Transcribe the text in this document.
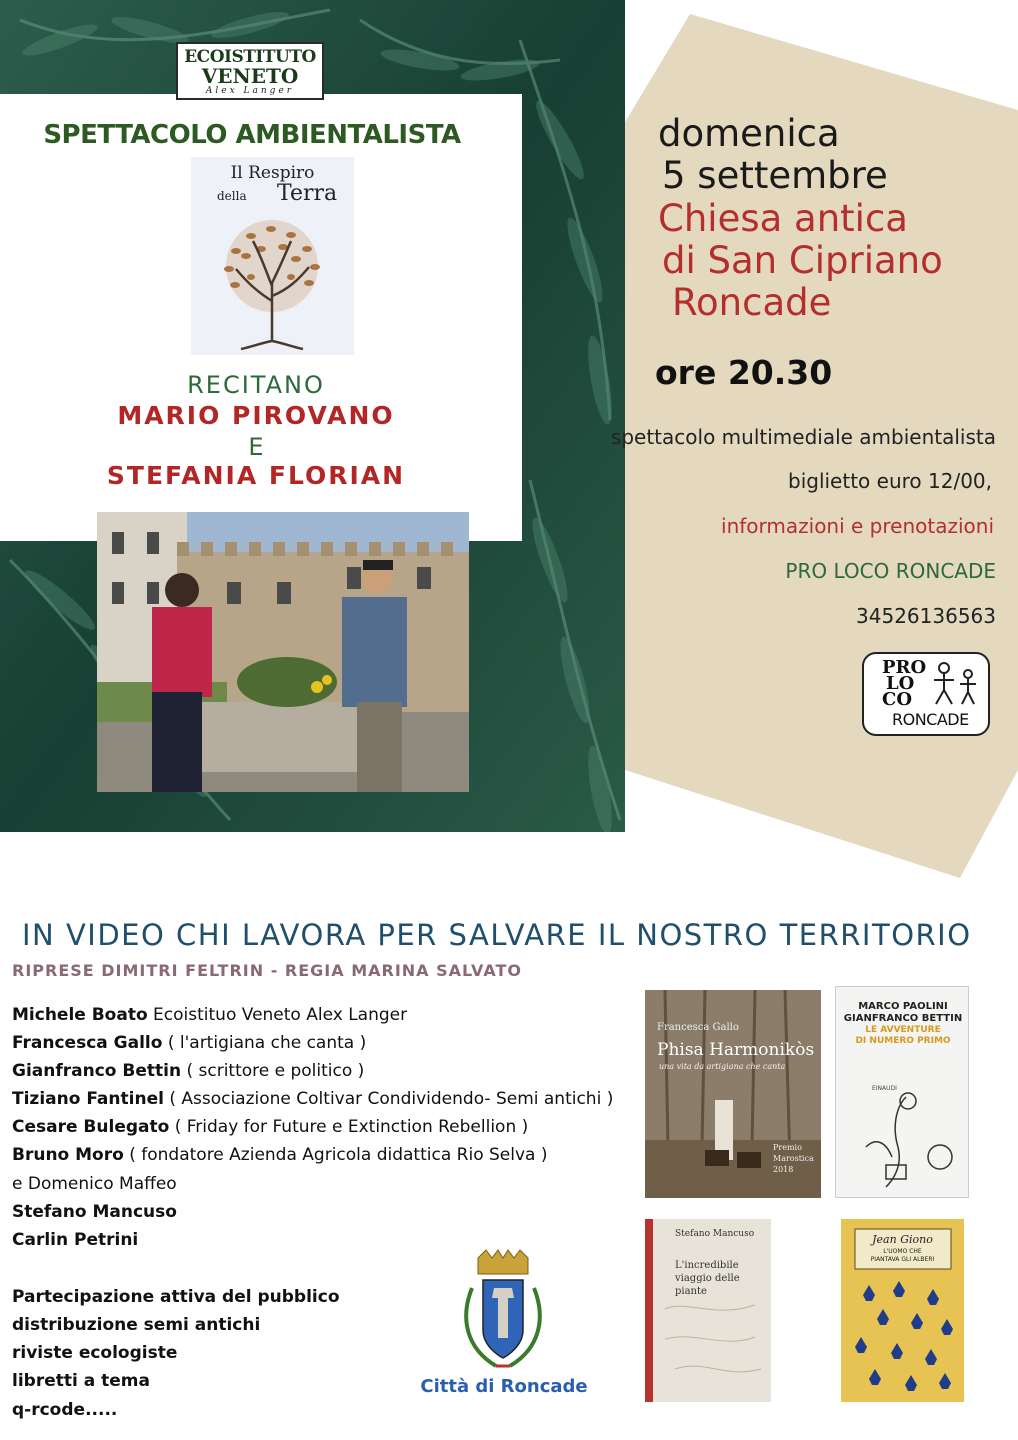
ECOISTITUTO
VENETO
Alex Langer
SPETTACOLO AMBIENTALISTA
Il Respiro
della Terra
RECITANO
MARIO PIROVANO
E
STEFANIA FLORIAN
domenica
5 settembre
Chiesa antica
di San Cipriano
Roncade
ore 20.30
spettacolo multimediale ambientalista
biglietto euro 12/00,
informazioni e prenotazioni
PRO LOCO RONCADE
34526136563
PRO
LO
CO
RONCADE
IN VIDEO CHI LAVORA PER SALVARE IL NOSTRO TERRITORIO
RIPRESE DIMITRI FELTRIN - REGIA MARINA SALVATO
Michele Boato Ecoistituo Veneto Alex Langer
Francesca Gallo ( l'artigiana che canta )
Gianfranco Bettin ( scrittore e politico )
Tiziano Fantinel ( Associazione Coltivar Condividendo- Semi antichi )
Cesare Bulegato ( Friday for Future e Extinction Rebellion )
Bruno Moro ( fondatore Azienda Agricola didattica Rio Selva )
e Domenico Maffeo
Stefano Mancuso
Carlin Petrini
Partecipazione attiva del pubblico
distribuzione semi antichi
riviste ecologiste
libretti a tema
q-rcode.....
Città di Roncade
Francesca Gallo
Phisa Harmonikòs
una vita da artigiana che canta
Premio Marostica 2018
MARCO PAOLINI
GIANFRANCO BETTIN
LE AVVENTURE
DI NUMERO PRIMO
EINAUDI
Stefano Mancuso
L'incredibile
viaggio delle piante
Jean Giono
L'UOMO CHE
PIANTAVA GLI ALBERI
